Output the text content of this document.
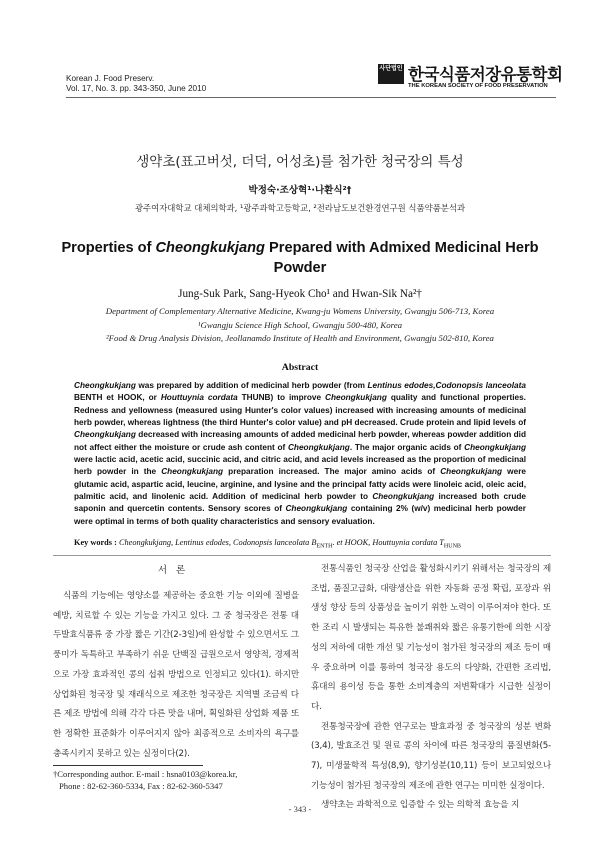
Korean J. Food Preserv.
Vol. 17, No. 3. pp. 343-350, June 2010
사단법인 한국식품저장유통학회
THE KOREAN SOCIETY OF FOOD PRESERVATION
생약초(표고버섯, 더덕, 어성초)를 첨가한 청국장의 특성
박정숙·조상혁¹·나환식²†
광주여자대학교 대체의학과, ¹광주과학고등학교, ²전라남도보건환경연구원 식품약품분석과
Properties of Cheongkukjang Prepared with Admixed Medicinal Herb Powder
Jung-Suk Park, Sang-Hyeok Cho¹ and Hwan-Sik Na²†
Department of Complementary Alternative Medicine, Kwang-ju Womens University, Gwangju 506-713, Korea
¹Gwangju Science High School, Gwangju 500-480, Korea
²Food & Drug Analysis Division, Jeollanamdo Institute of Health and Environment, Gwangju 502-810, Korea
Abstract
Cheongkukjang was prepared by addition of medicinal herb powder (from Lentinus edodes,Codonopsis lanceolata BENTH et HOOK, or Houttuynia cordata THUNB) to improve Cheongkukjang quality and functional properties. Redness and yellowness (measured using Hunter's color values) increased with increasing amounts of medicinal herb powder, whereas lightness (the third Hunter's color value) and pH decreased. Crude protein and lipid levels of Cheongkukjang decreased with increasing amounts of added medicinal herb powder, whereas powder addition did not affect either the moisture or crude ash content of Cheongkukjang. The major organic acids of Cheongkukjang were lactic acid, acetic acid, succinic acid, and citric acid, and acid levels increased as the proportion of medicinal herb powder in the Cheongkukjang preparation increased. The major amino acids of Cheongkukjang were glutamic acid, aspartic acid, leucine, arginine, and lysine and the principal fatty acids were linoleic acid, oleic acid, palmitic acid, and linolenic acid. Addition of medicinal herb powder to Cheongkukjang increased both crude saponin and quercetin contents. Sensory scores of Cheongkukjang containing 2% (w/v) medicinal herb powder were optimal in terms of both quality characteristics and sensory evaluation.
Key words : Cheongkukjang, Lentinus edodes, Codonopsis lanceolata $B_{ENTH}$. et HOOK, Houttuynia cordata $T_{HUNB}$
서론

식품의 기능에는 영양소를 제공하는 중요한 기능 이외에 질병을 예방, 치료할 수 있는 기능을 가지고 있다. 그 중 청국장은 전통 대두발효식품류 중 가장 짧은 기간(2-3일)에 완성할 수 있으면서도 그 풍미가 독특하고 부족하기 쉬운 단백질 급원으로서 영양적, 경제적으로 가장 효과적인 콩의 섭취 방법으로 인정되고 있다(1). 하지만 상업화된 청국장 및 재래식으로 제조한 청국장은 지역별 조금씩 다른 제조 방법에 의해 각각 다른 맛을 내며, 획일화된 상업화 제품 또한 정확한 표준화가 이루어지지 않아 최종적으로 소비자의 욕구를 충족시키지 못하고 있는 실정이다(2).

전통식품인 청국장 산업을 활성화시키기 위해서는 청국장의 제조법, 품질고급화, 대량생산을 위한 자동화 공정 확립, 포장과 위생성 향상 등의 상품성을 높이기 위한 노력이 이루어져야 한다. 또한 조리 시 발생되는 특유한 불쾌취와 짧은 유통기한에 의한 시장성의 저하에 대한 개선 및 기능성이 첨가된 청국장의 제조 등이 매우 중요하며 이를 통하여 청국장 용도의 다양화, 간편한 조리법, 휴대의 용이성 등을 통한 소비계층의 저변확대가 시급한 실정이다.

전통청국장에 관한 연구로는 발효과정 중 청국장의 성분 변화(3,4), 발효조건 및 원료 콩의 차이에 따른 청국장의 품질변화(5-7), 미생물학적 특성(8,9), 향기성분(10,11) 등이 보고되었으나 기능성이 첨가된 청국장의 제조에 관한 연구는 미미한 실정이다.

생약초는 과학적으로 입증할 수 있는 의학적 효능을 지

†Corresponding author. E-mail : hsna0103@korea.kr,
Phone : 82-62-360-5334, Fax : 82-62-360-5347
- 343 -
